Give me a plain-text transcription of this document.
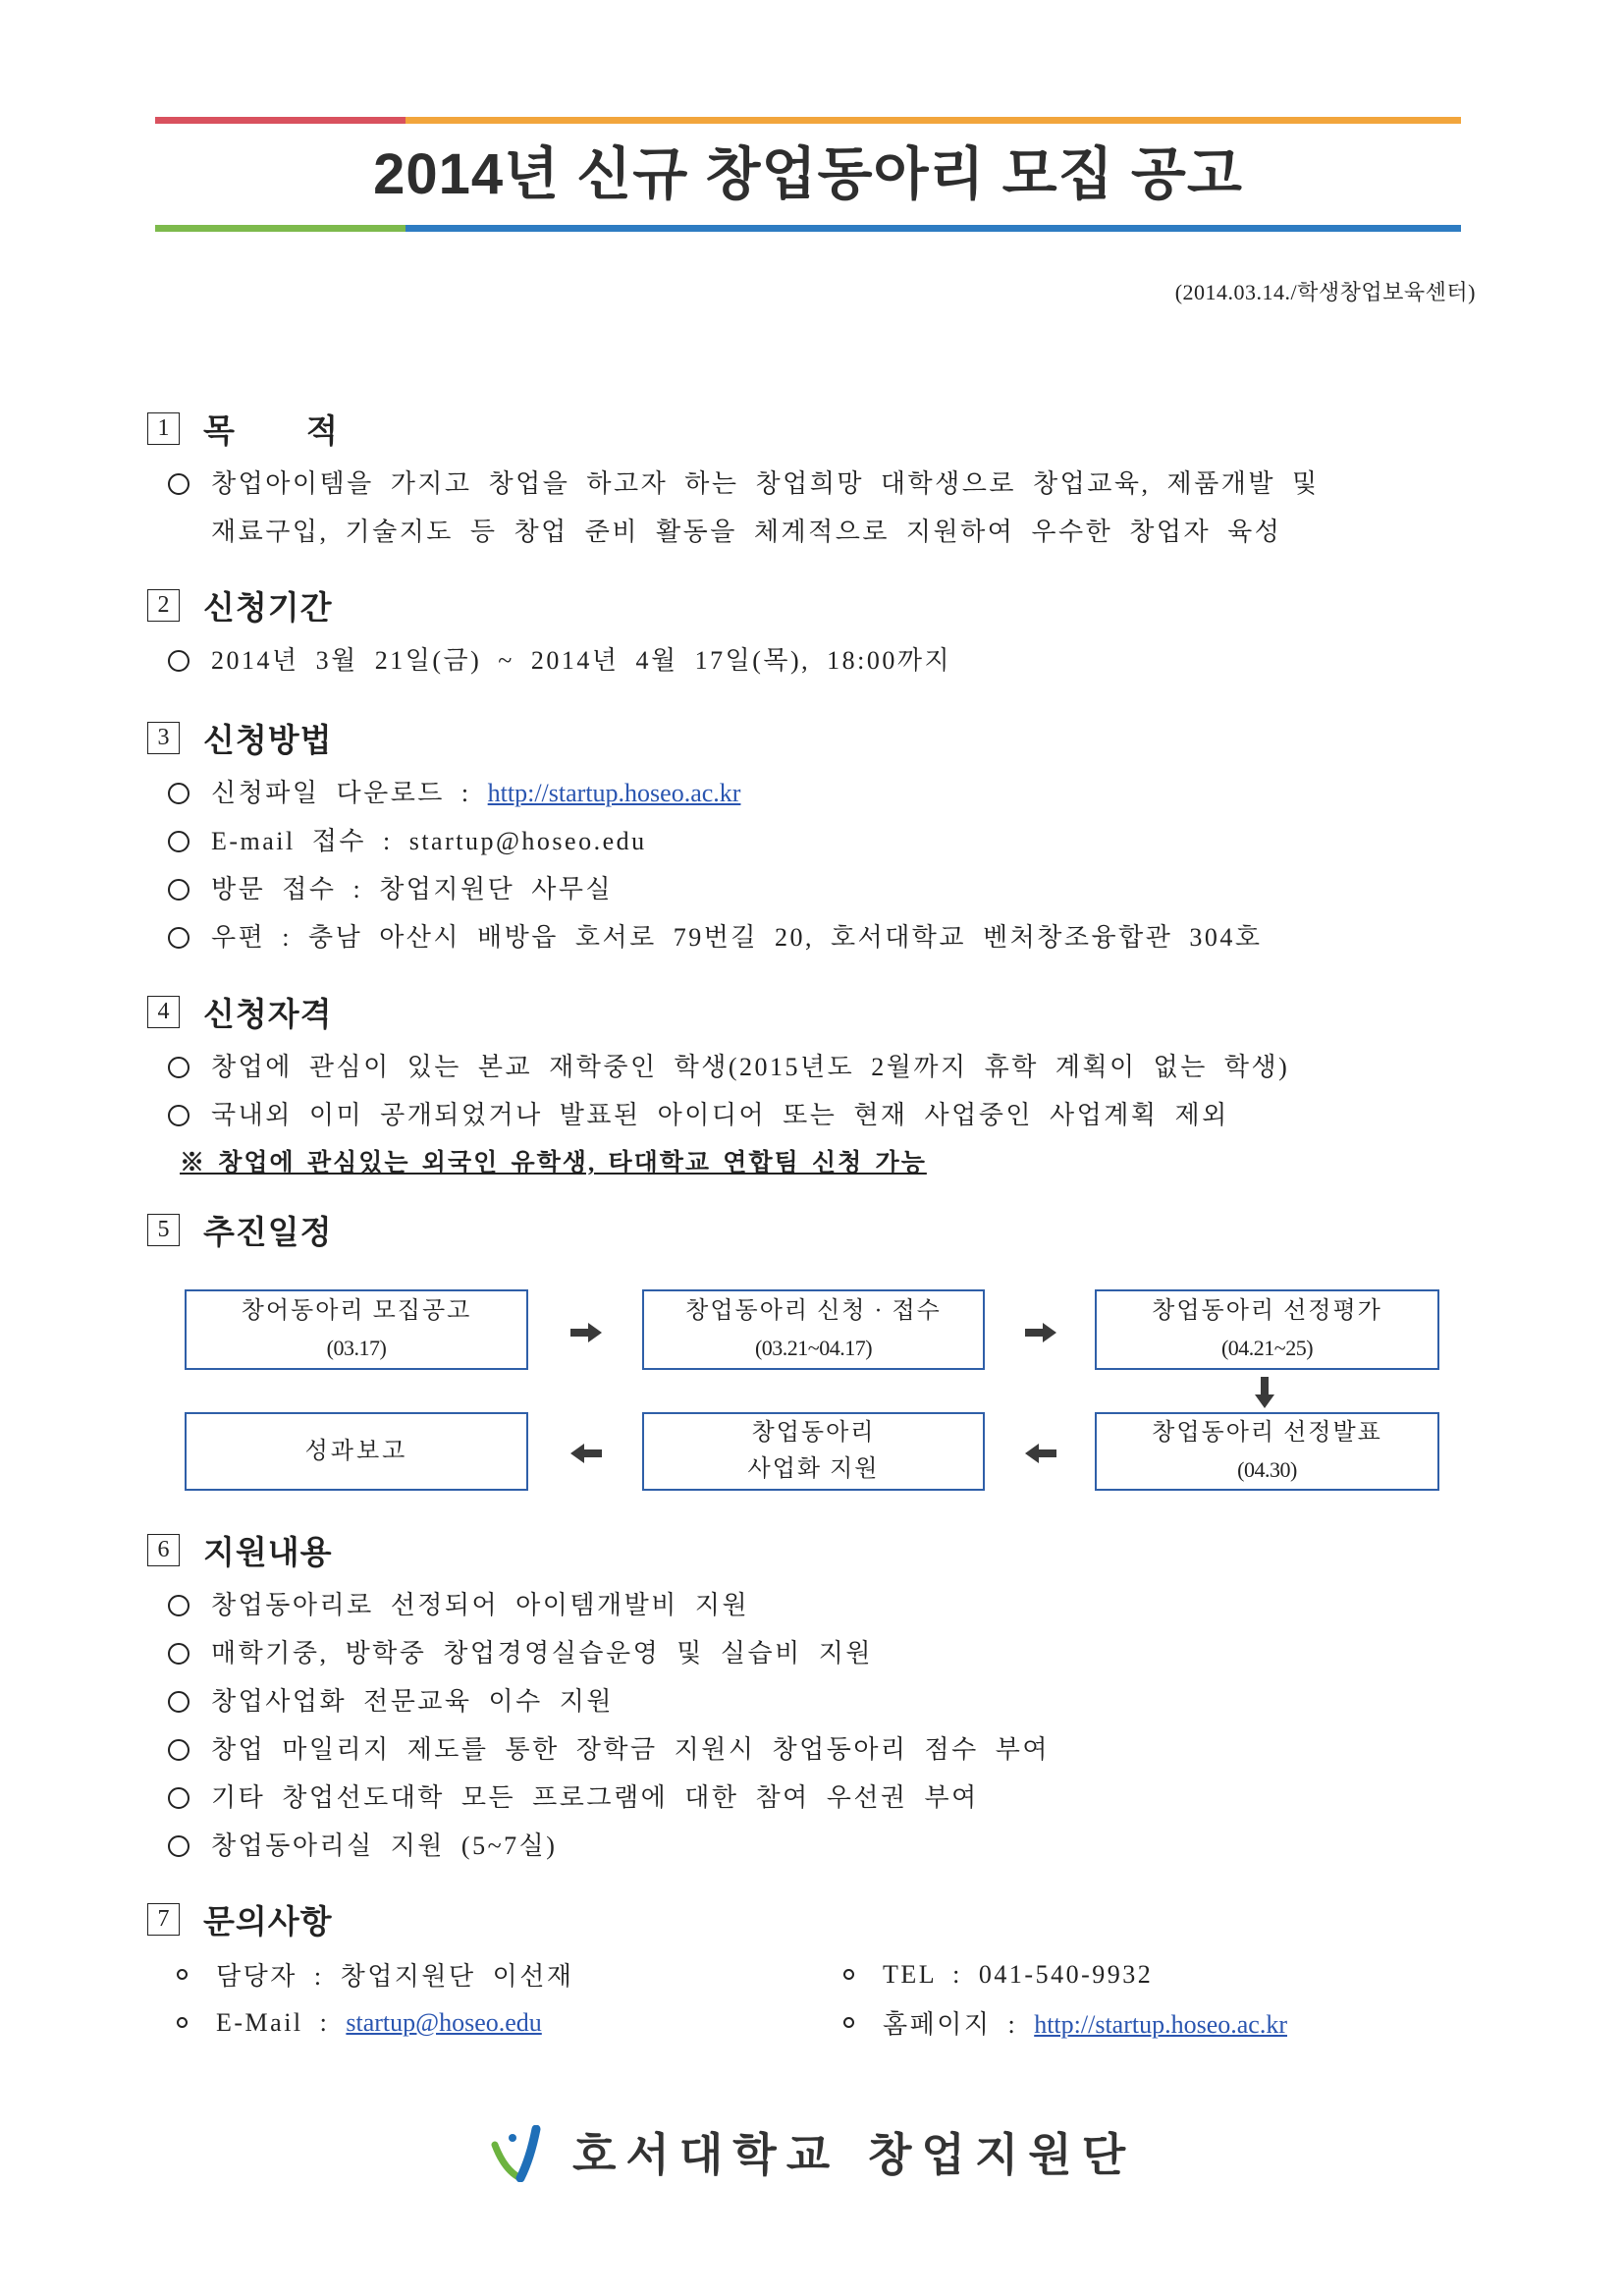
2014년 신규 창업동아리 모집 공고
(2014.03.14./학생창업보육센터)
1	목 적
창업아이템을 가지고 창업을 하고자 하는 창업희망 대학생으로 창업교육, 제품개발 및
재료구입, 기술지도 등 창업 준비 활동을 체계적으로 지원하여 우수한 창업자 육성
2	신청기간
2014년 3월 21일(금) ~ 2014년 4월 17일(목), 18:00까지
3	신청방법
신청파일 다운로드 : http://startup.hoseo.ac.kr
E-mail 접수 : startup@hoseo.edu
방문 접수 : 창업지원단 사무실
우편 : 충남 아산시 배방읍 호서로 79번길 20, 호서대학교 벤처창조융합관 304호
4	신청자격
창업에 관심이 있는 본교 재학중인 학생(2015년도 2월까지 휴학 계획이 없는 학생)
국내외 이미 공개되었거나 발표된 아이디어 또는 현재 사업중인 사업계획 제외
※ 창업에 관심있는 외국인 유학생, 타대학교 연합팀 신청 가능
5	추진일정
창어동아리 모집공고
(03.17)
창업동아리 신청 · 접수
(03.21~04.17)
창업동아리 선정평가
(04.21~25)
성과보고
창업동아리
사업화 지원
창업동아리 선정발표
(04.30)
6	지원내용
창업동아리로 선정되어 아이템개발비 지원
매학기중, 방학중 창업경영실습운영 및 실습비 지원
창업사업화 전문교육 이수 지원
창업 마일리지 제도를 통한 장학금 지원시 창업동아리 점수 부여
기타 창업선도대학 모든 프로그램에 대한 참여 우선권 부여
창업동아리실 지원 (5~7실)
7	문의사항
담당자 : 창업지원단 이선재	TEL : 041-540-9932
E-Mail : startup@hoseo.edu	홈페이지 : http://startup.hoseo.ac.kr
호서대학교 창업지원단
